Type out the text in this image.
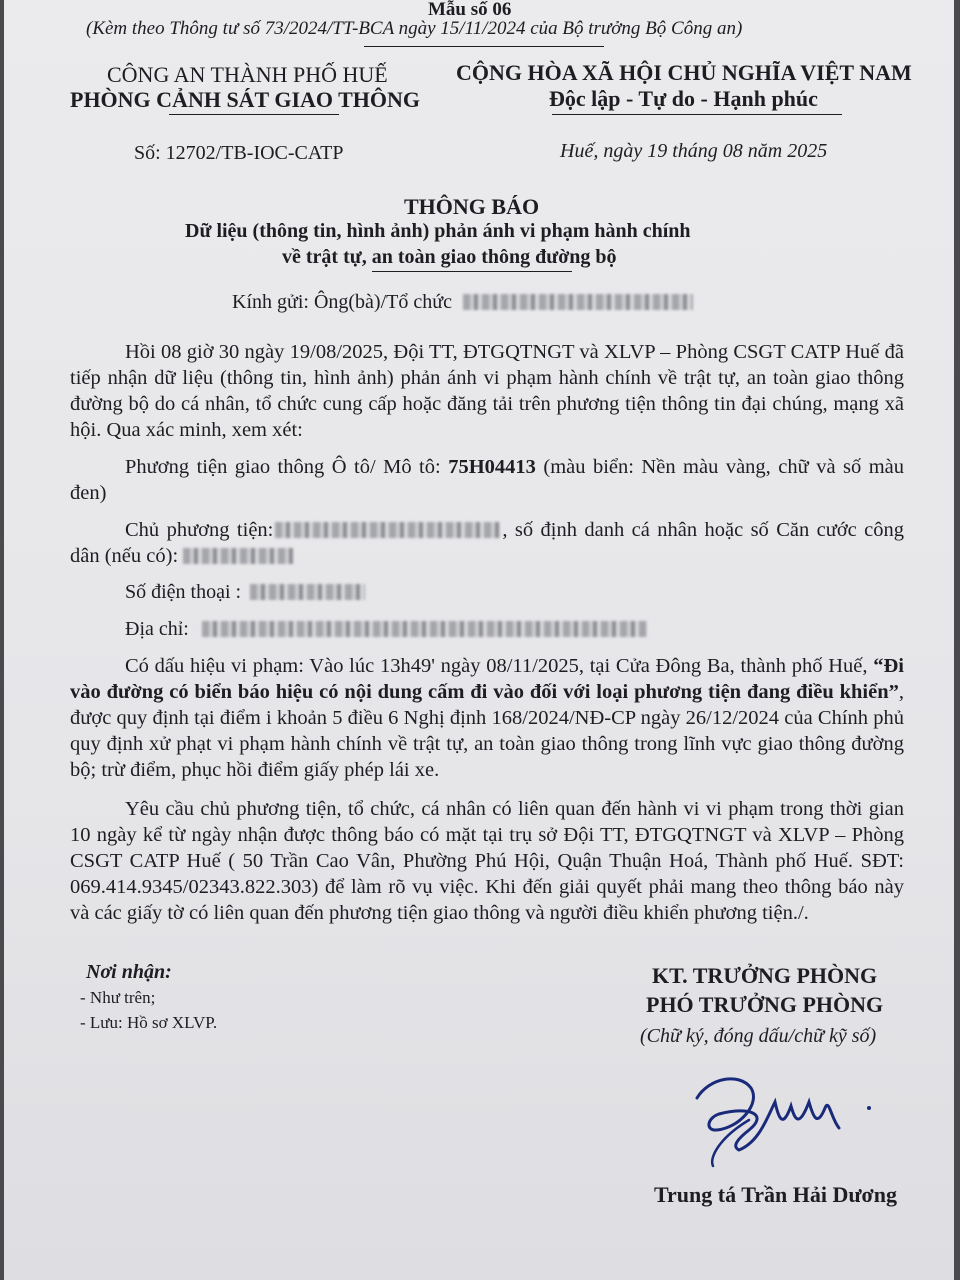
Mẫu số 06
(Kèm theo Thông tư số 73/2024/TT-BCA ngày 15/11/2024 của Bộ trưởng Bộ Công an)
CÔNG AN THÀNH PHỐ HUẾ
PHÒNG CẢNH SÁT GIAO THÔNG
Số: 12702/TB-IOC-CATP
CỘNG HÒA XÃ HỘI CHỦ NGHĨA VIỆT NAM
Độc lập - Tự do - Hạnh phúc
Huế, ngày 19 tháng 08 năm 2025
THÔNG BÁO
Dữ liệu (thông tin, hình ảnh) phản ánh vi phạm hành chính
về trật tự, an toàn giao thông đường bộ
Kính gửi: Ông(bà)/Tổ chức
Hồi 08 giờ 30 ngày 19/08/2025, Đội TT, ĐTGQTNGT và XLVP – Phòng CSGT CATP Huế đã tiếp nhận dữ liệu (thông tin, hình ảnh) phản ánh vi phạm hành chính về trật tự, an toàn giao thông đường bộ do cá nhân, tổ chức cung cấp hoặc đăng tải trên phương tiện thông tin đại chúng, mạng xã hội. Qua xác minh, xem xét:
Phương tiện giao thông Ô tô/ Mô tô: 75H04413 (màu biển: Nền màu vàng, chữ và số màu đen)
Chủ phương tiện:	, số định danh cá nhân hoặc số Căn cước công dân (nếu có):
Số điện thoại :
Địa chỉ:
Có dấu hiệu vi phạm: Vào lúc 13h49' ngày 08/11/2025, tại Cửa Đông Ba, thành phố Huế, “Đi vào đường có biển báo hiệu có nội dung cấm đi vào đối với loại phương tiện đang điều khiển”, được quy định tại điểm i khoản 5 điều 6 Nghị định 168/2024/NĐ-CP ngày 26/12/2024 của Chính phủ quy định xử phạt vi phạm hành chính về trật tự, an toàn giao thông trong lĩnh vực giao thông đường bộ; trừ điểm, phục hồi điểm giấy phép lái xe.
Yêu cầu chủ phương tiện, tổ chức, cá nhân có liên quan đến hành vi vi phạm trong thời gian 10 ngày kể từ ngày nhận được thông báo có mặt tại trụ sở Đội TT, ĐTGQTNGT và XLVP – Phòng CSGT CATP Huế ( 50 Trần Cao Vân, Phường Phú Hội, Quận Thuận Hoá, Thành phố Huế. SĐT: 069.414.9345/02343.822.303) để làm rõ vụ việc. Khi đến giải quyết phải mang theo thông báo này và các giấy tờ có liên quan đến phương tiện giao thông và người điều khiển phương tiện./.
Nơi nhận:
- Như trên;
- Lưu: Hồ sơ XLVP.
KT. TRƯỞNG PHÒNG
PHÓ TRƯỞNG PHÒNG
(Chữ ký, đóng dấu/chữ kỹ số)
Trung tá Trần Hải Dương
